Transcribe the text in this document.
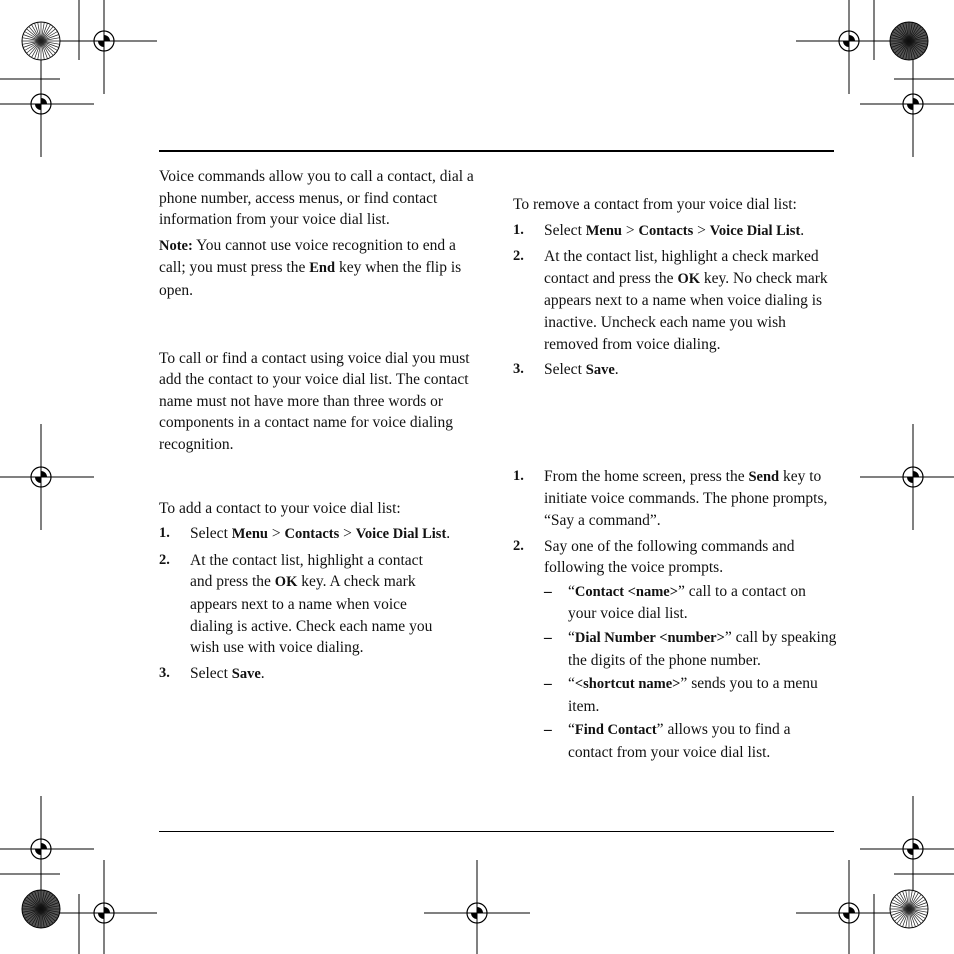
Voice commands allow you to call a contact, dial a phone number, access menus, or find contact information from your voice dial list.

Note: You cannot use voice recognition to end a call; you must press the End key when the flip is open.

To call or find a contact using voice dial you must add the contact to your voice dial list. The contact name must not have more than three words or components in a contact name for voice dialing recognition.

To add a contact to your voice dial list:

1. Select Menu > Contacts > Voice Dial List.
2. At the contact list, highlight a contact and press the OK key. A check mark appears next to a name when voice dialing is active. Check each name you wish use with voice dialing.
3. Select Save.

To remove a contact from your voice dial list:

1. Select Menu > Contacts > Voice Dial List.
2. At the contact list, highlight a check marked contact and press the OK key. No check mark appears next to a name when voice dialing is inactive. Uncheck each name you wish removed from voice dialing.
3. Select Save.
1. From the home screen, press the Send key to initiate voice commands. The phone prompts, “Say a command”.
2. Say one of the following commands and following the voice prompts.
– “Contact <name>” call to a contact on your voice dial list.
– “Dial Number <number>” call by speaking the digits of the phone number.
– “<shortcut name>” sends you to a menu item.
– “Find Contact” allows you to find a contact from your voice dial list.
